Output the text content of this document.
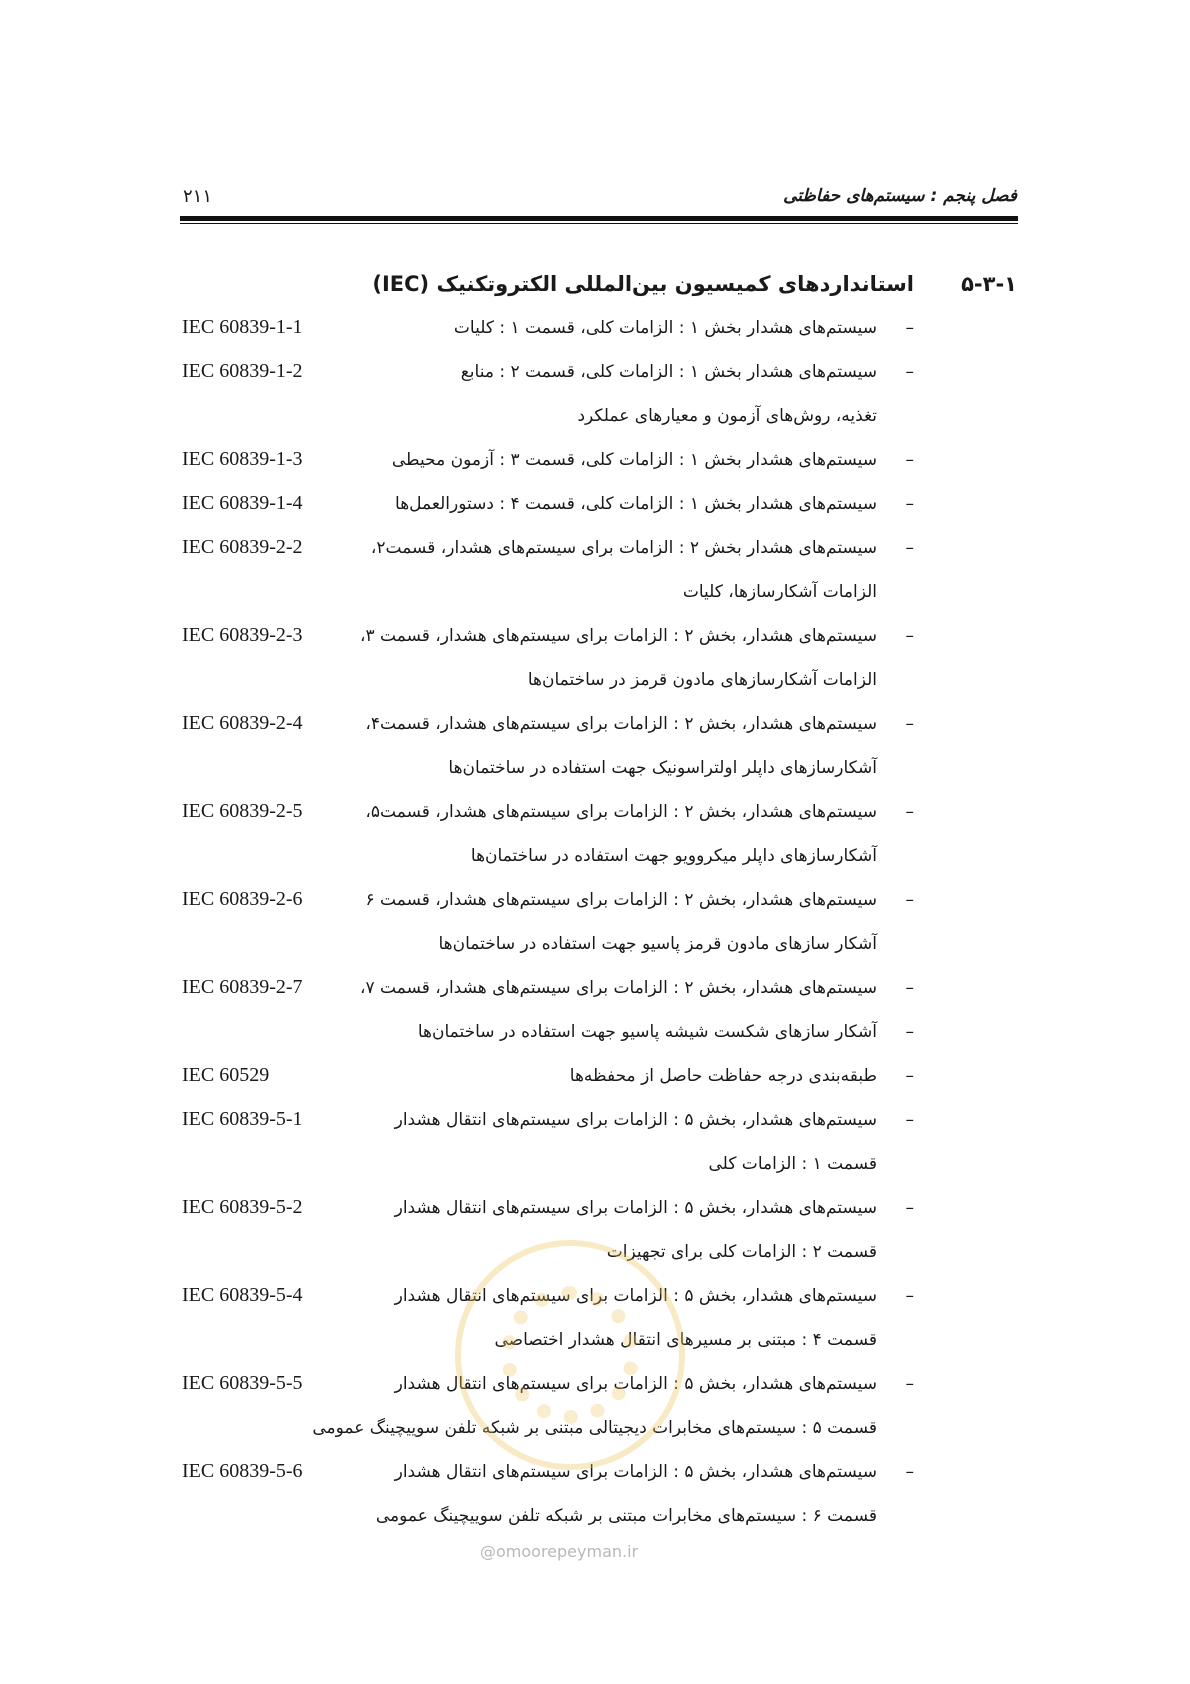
فصل پنجم : سیستم‌های حفاظتی
۲۱۱
۵-۳-۱
استانداردهای کمیسیون بین‌المللی الکتروتکنیک (IEC)
–
سیستم‌های هشدار بخش ۱ : الزامات کلی، قسمت ۱ : کلیات
IEC 60839-1-1
–
سیستم‌های هشدار بخش ۱ : الزامات کلی، قسمت ۲ : منابع
تغذیه، روش‌های آزمون و معیارهای عملکرد
IEC 60839-1-2
–
سیستم‌های هشدار بخش ۱ : الزامات کلی، قسمت ۳ : آزمون محیطی
IEC 60839-1-3
–
سیستم‌های هشدار بخش ۱ : الزامات کلی، قسمت ۴ : دستورالعمل‌ها
IEC 60839-1-4
–
سیستم‌های هشدار بخش ۲ : الزامات برای سیستم‌های هشدار، قسمت۲،
الزامات آشکارسازها، کلیات
IEC 60839-2-2
–
سیستم‌های هشدار، بخش ۲ : الزامات برای سیستم‌های هشدار، قسمت ۳،
الزامات آشکارسازهای مادون قرمز در ساختمان‌ها
IEC 60839-2-3
–
سیستم‌های هشدار، بخش ۲ : الزامات برای سیستم‌های هشدار، قسمت۴،
آشکارسازهای داپلر اولتراسونیک جهت استفاده در ساختمان‌ها
IEC 60839-2-4
–
سیستم‌های هشدار، بخش ۲ : الزامات برای سیستم‌های هشدار، قسمت۵،
آشکارسازهای داپلر میکروویو جهت استفاده در ساختمان‌ها
IEC 60839-2-5
–
سیستم‌های هشدار، بخش ۲ : الزامات برای سیستم‌های هشدار، قسمت ۶
آشکار سازهای مادون قرمز پاسیو جهت استفاده در ساختمان‌ها
IEC 60839-2-6
–
سیستم‌های هشدار، بخش ۲ : الزامات برای سیستم‌های هشدار، قسمت ۷،
IEC 60839-2-7
–
آشکار سازهای شکست شیشه پاسیو جهت استفاده در ساختمان‌ها
–
طبقه‌بندی درجه حفاظت حاصل از محفظه‌ها
IEC 60529
–
سیستم‌های هشدار، بخش ۵ : الزامات برای سیستم‌های انتقال هشدار
قسمت ۱ : الزامات کلی
IEC 60839-5-1
–
سیستم‌های هشدار، بخش ۵ : الزامات برای سیستم‌های انتقال هشدار
قسمت ۲ : الزامات کلی برای تجهیزات
IEC 60839-5-2
–
سیستم‌های هشدار، بخش ۵ : الزامات برای سیستم‌های انتقال هشدار
قسمت ۴ : مبتنی بر مسیرهای انتقال هشدار اختصاصی
IEC 60839-5-4
–
سیستم‌های هشدار، بخش ۵ : الزامات برای سیستم‌های انتقال هشدار
قسمت ۵ : سیستم‌های مخابرات دیجیتالی مبتنی بر شبکه تلفن سوییچینگ عمومی
IEC 60839-5-5
–
سیستم‌های هشدار، بخش ۵ : الزامات برای سیستم‌های انتقال هشدار
قسمت ۶ : سیستم‌های مخابرات مبتنی بر شبکه تلفن سوییچینگ عمومی
IEC 60839-5-6
@omoorepeyman.ir
